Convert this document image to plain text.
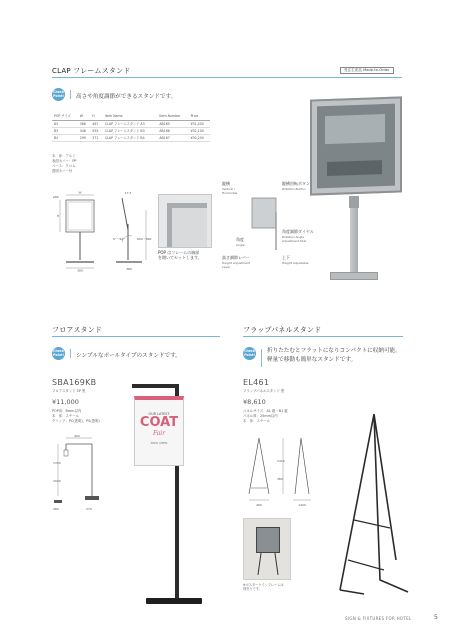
CLAP フレームスタンド	受注生産品 Made-to-Order
Check Point! 高さや角度調節ができるスタンドです。
POP サイズ	W	H	Item Name	Item Number	Price
A3	366	467	CLAP フレームスタンド A3	AB165	¥31,400
B3	448	555	CLAP フレームスタンド B3	AB166	¥32,100
B4	299	371	CLAP フレームスタンド B4	AB167	¥30,200
本　体：アルミ
表面カバー：PP
ベース：クロム
透明カバー付
W
H
380
ø80
17.3
0°～90°	600～890
380
POP はフレームの端部
を開いてセットします。
縦横
Vertical /
Horizontal
縦横回転ボタン
Rotation Button
角度調節ダイヤル
Rotation Angle
Adjustment Dial
角度
Angle
高さ調節レバー
Height Adjustment
Lever
上下
Height adjustable
フロアスタンド
Check Point! シンプルなポールタイプのスタンドです。
SBA169KB
フロアスタンド SP 黒
¥11,000
POP用：Bmm以内
本　体：スチール
クリップ：PC(透明)，PS(透明)
400
1350
2000
380	270
OUR LATEST
COAT
Fair
NOW OPEN
フラップパネルスタンド
Check Point!
折りたたむとフラットになりコンパクトに収納可能。
軽量で移動も簡単なスタンドです。
EL461
フラップパネルスタンド 黒
¥8,610
パネルサイズ：A1 縦～B1 縦
パネル厚：25mm以内
本　体：スチール
1410
380
460	1420
※ボスターケインフレームは
別売りです。
SIGN & FIXTURES FOR HOTEL	5
